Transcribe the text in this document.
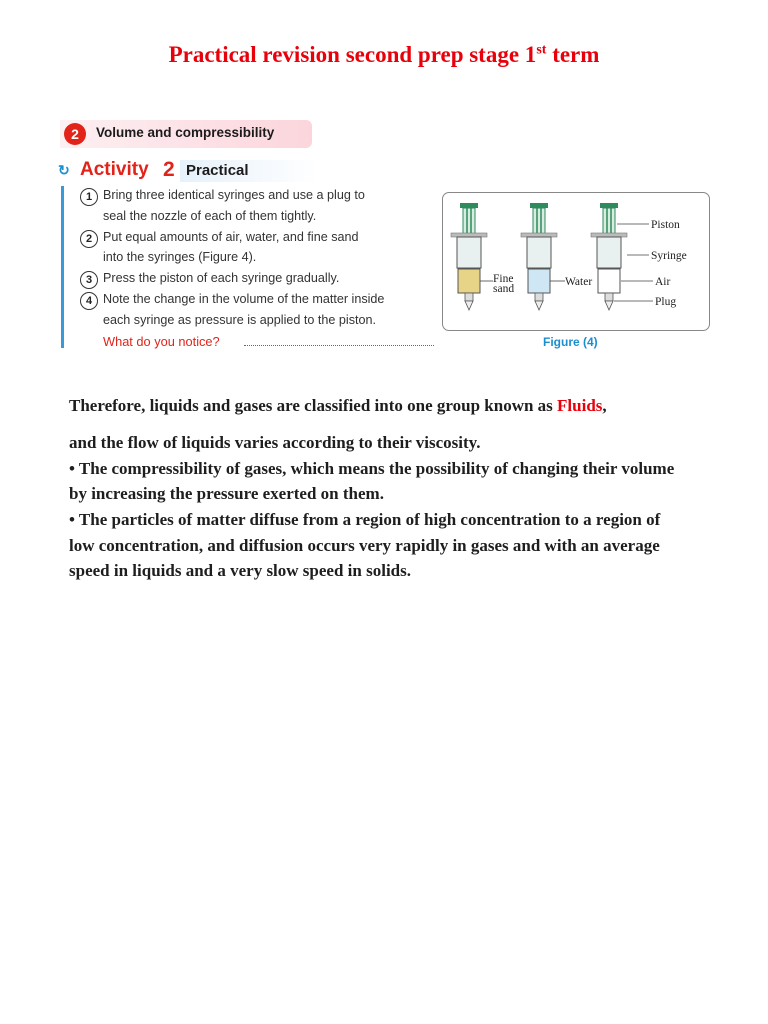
Practical revision second prep stage 1st term
2	Volume and compressibility
↻ Activity 2 Practical
1 Bring three identical syringes and use a plug to
seal the nozzle of each of them tightly.
2 Put equal amounts of air, water, and fine sand
into the syringes (Figure 4).
3 Press the piston of each syringe gradually.
4 Note the change in the volume of the matter inside
each syringe as pressure is applied to the piston.
What do you notice?
Fine
sand
Water
Piston
Syringe
Air
Plug
Figure (4)
Therefore, liquids and gases are classified into one group known as Fluids,
and the flow of liquids varies according to their viscosity.
• The compressibility of gases, which means the possibility of changing their volume
by increasing the pressure exerted on them.
• The particles of matter diffuse from a region of high concentration to a region of
low concentration, and diffusion occurs very rapidly in gases and with an average
speed in liquids and a very slow speed in solids.
